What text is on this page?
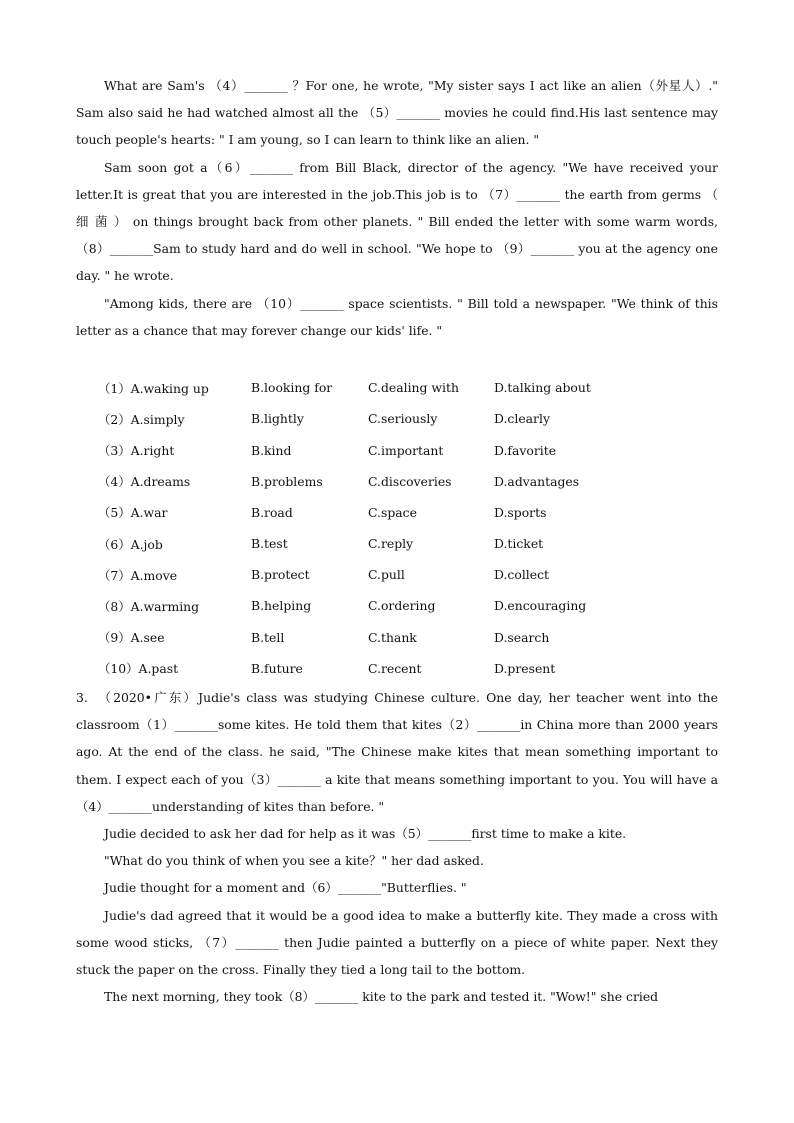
What are Sam's （4）_______ ？For one, he wrote, "My sister says I act like an alien（外星人）." Sam also said he had watched almost all the （5）_______ movies he could find.His last sentence may touch people's hearts: " I am young, so I can learn to think like an alien. "

Sam soon got a（6）_______ from Bill Black, director of the agency. "We have received your letter.It is great that you are interested in the job.This job is to （7）_______ the earth from germs （ 细 菌 ） on things brought back from other planets. " Bill ended the letter with some warm words, （8）_______Sam to study hard and do well in school. "We hope to （9）_______ you at the agency one day. " he wrote.

"Among kids, there are （10）_______ space scientists. " Bill told a newspaper. "We think of this letter as a chance that may forever change our kids' life. "

（1）A.waking up	B.looking for	C.dealing with	D.talking about
（2）A.simply	B.lightly	C.seriously	D.clearly
（3）A.right	B.kind	C.important	D.favorite
（4）A.dreams	B.problems	C.discoveries	D.advantages
（5）A.war	B.road	C.space	D.sports
（6）A.job	B.test	C.reply	D.ticket
（7）A.move	B.protect	C.pull	D.collect
（8）A.warming	B.helping	C.ordering	D.encouraging
（9）A.see	B.tell	C.thank	D.search
（10）A.past	B.future	C.recent	D.present

3.　（2020•广东）Judie's class was studying Chinese culture. One day, her teacher went into the classroom（1）_______some kites. He told them that kites（2）_______in China more than 2000 years ago. At the end of the class. he said, "The Chinese make kites that mean something important to them. I expect each of you（3）_______ a kite that means something important to you. You will have a（4）_______understanding of kites than before. "

Judie decided to ask her dad for help as it was（5）_______first time to make a kite.

"What do you think of when you see a kite？" her dad asked.

Judie thought for a moment and（6）_______"Butterflies. "

Judie's dad agreed that it would be a good idea to make a butterfly kite. They made a cross with some wood sticks, （7）_______ then Judie painted a butterfly on a piece of white paper. Next they stuck the paper on the cross. Finally they tied a long tail to the bottom.

The next morning, they took（8）_______ kite to the park and tested it. "Wow!" she cried
